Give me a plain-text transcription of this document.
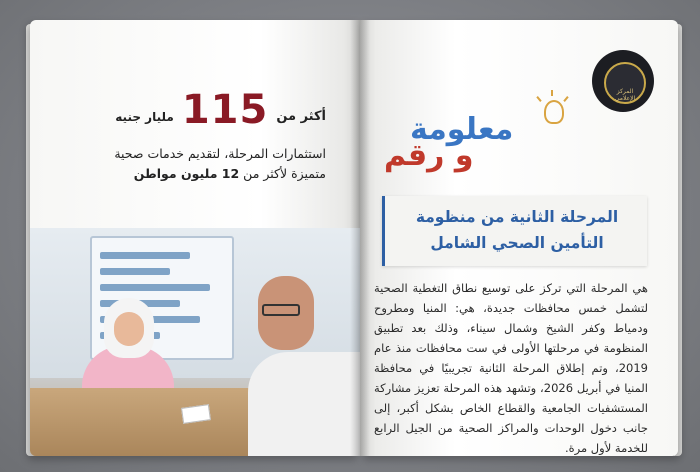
أكثر من
115
مليار جنيه
استثمارات المرحلة، لتقديم خدمات صحية
متميزة لأكثر من 12 مليون مواطن
المركز الإعلامي
معلومة
و رقم
المرحلة الثانية من منظومة التأمين الصحي الشامل
هي المرحلة التي تركز على توسيع نطاق التغطية الصحية لتشمل خمس محافظات جديدة، هي: المنيا ومطروح ودمياط وكفر الشيخ وشمال سيناء، وذلك بعد تطبيق المنظومة في مرحلتها الأولى في ست محافظات منذ عام 2019، وتم إطلاق المرحلة الثانية تجريبيًا في محافظة المنيا في أبريل 2026، وتشهد هذه المرحلة تعزيز مشاركة المستشفيات الجامعية والقطاع الخاص بشكل أكبر، إلى جانب دخول الوحدات والمراكز الصحية من الجيل الرابع للخدمة لأول مرة.
